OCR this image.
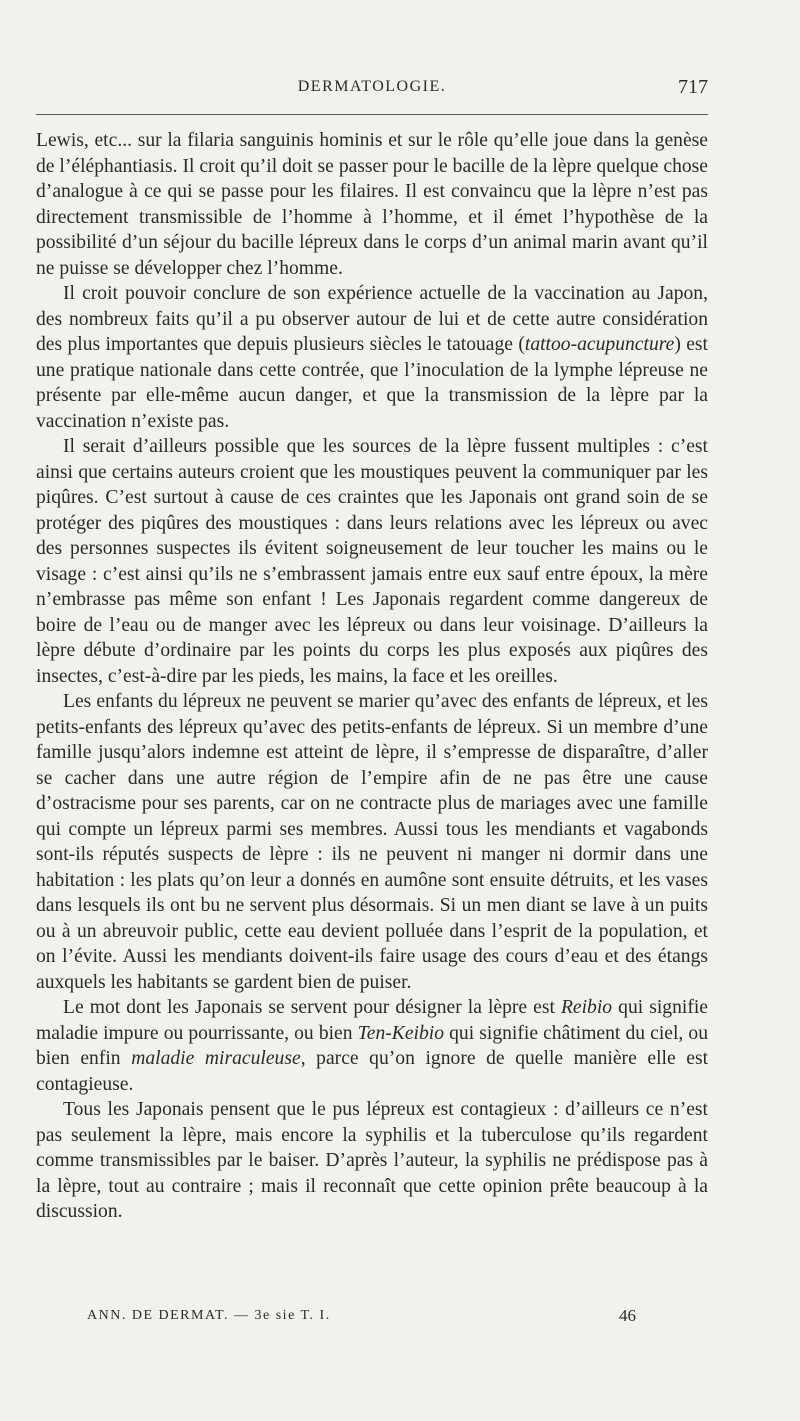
DERMATOLOGIE.	717

Lewis, etc... sur la filaria sanguinis hominis et sur le rôle qu’elle joue dans la genèse de l’éléphantiasis. Il croit qu’il doit se passer pour le bacille de la lèpre quelque chose d’analogue à ce qui se passe pour les filaires. Il est convaincu que la lèpre n’est pas directement transmissible de l’homme à l’homme, et il émet l’hypothèse de la possibilité d’un séjour du bacille lépreux dans le corps d’un animal marin avant qu’il ne puisse se développer chez l’homme.

Il croit pouvoir conclure de son expérience actuelle de la vaccination au Japon, des nombreux faits qu’il a pu observer autour de lui et de cette autre considération des plus importantes que depuis plusieurs siècles le tatouage (tattoo-acupuncture) est une pratique nationale dans cette contrée, que l’inoculation de la lymphe lépreuse ne présente par elle-même aucun danger, et que la transmission de la lèpre par la vaccination n’existe pas.

Il serait d’ailleurs possible que les sources de la lèpre fussent multiples : c’est ainsi que certains auteurs croient que les moustiques peuvent la communiquer par les piqûres. C’est surtout à cause de ces craintes que les Japonais ont grand soin de se protéger des piqûres des moustiques : dans leurs relations avec les lépreux ou avec des personnes suspectes ils évitent soigneusement de leur toucher les mains ou le visage : c’est ainsi qu’ils ne s’embrassent jamais entre eux sauf entre époux, la mère n’embrasse pas même son enfant ! Les Japonais regardent comme dangereux de boire de l’eau ou de manger avec les lépreux ou dans leur voisinage. D’ailleurs la lèpre débute d’ordinaire par les points du corps les plus exposés aux piqûres des insectes, c’est-à-dire par les pieds, les mains, la face et les oreilles.

Les enfants du lépreux ne peuvent se marier qu’avec des enfants de lépreux, et les petits-enfants des lépreux qu’avec des petits-enfants de lépreux. Si un membre d’une famille jusqu’alors indemne est atteint de lèpre, il s’empresse de disparaître, d’aller se cacher dans une autre région de l’empire afin de ne pas être une cause d’ostracisme pour ses parents, car on ne contracte plus de mariages avec une famille qui compte un lépreux parmi ses membres. Aussi tous les mendiants et vagabonds sont-ils réputés suspects de lèpre : ils ne peuvent ni manger ni dormir dans une habitation : les plats qu’on leur a donnés en aumône sont ensuite détruits, et les vases dans lesquels ils ont bu ne servent plus désormais. Si un men diant se lave à un puits ou à un abreuvoir public, cette eau devient polluée dans l’esprit de la population, et on l’évite. Aussi les mendiants doivent-ils faire usage des cours d’eau et des étangs auxquels les habitants se gardent bien de puiser.

Le mot dont les Japonais se servent pour désigner la lèpre est Reibio qui signifie maladie impure ou pourrissante, ou bien Ten-Keibio qui signifie châtiment du ciel, ou bien enfin maladie miraculeuse, parce qu’on ignore de quelle manière elle est contagieuse.

Tous les Japonais pensent que le pus lépreux est contagieux : d’ailleurs ce n’est pas seulement la lèpre, mais encore la syphilis et la tuberculose qu’ils regardent comme transmissibles par le baiser. D’après l’auteur, la syphilis ne prédispose pas à la lèpre, tout au contraire ; mais il reconnaît que cette opinion prête beaucoup à la discussion.

ANN. DE DERMAT. — 3e sie T. I.	46
